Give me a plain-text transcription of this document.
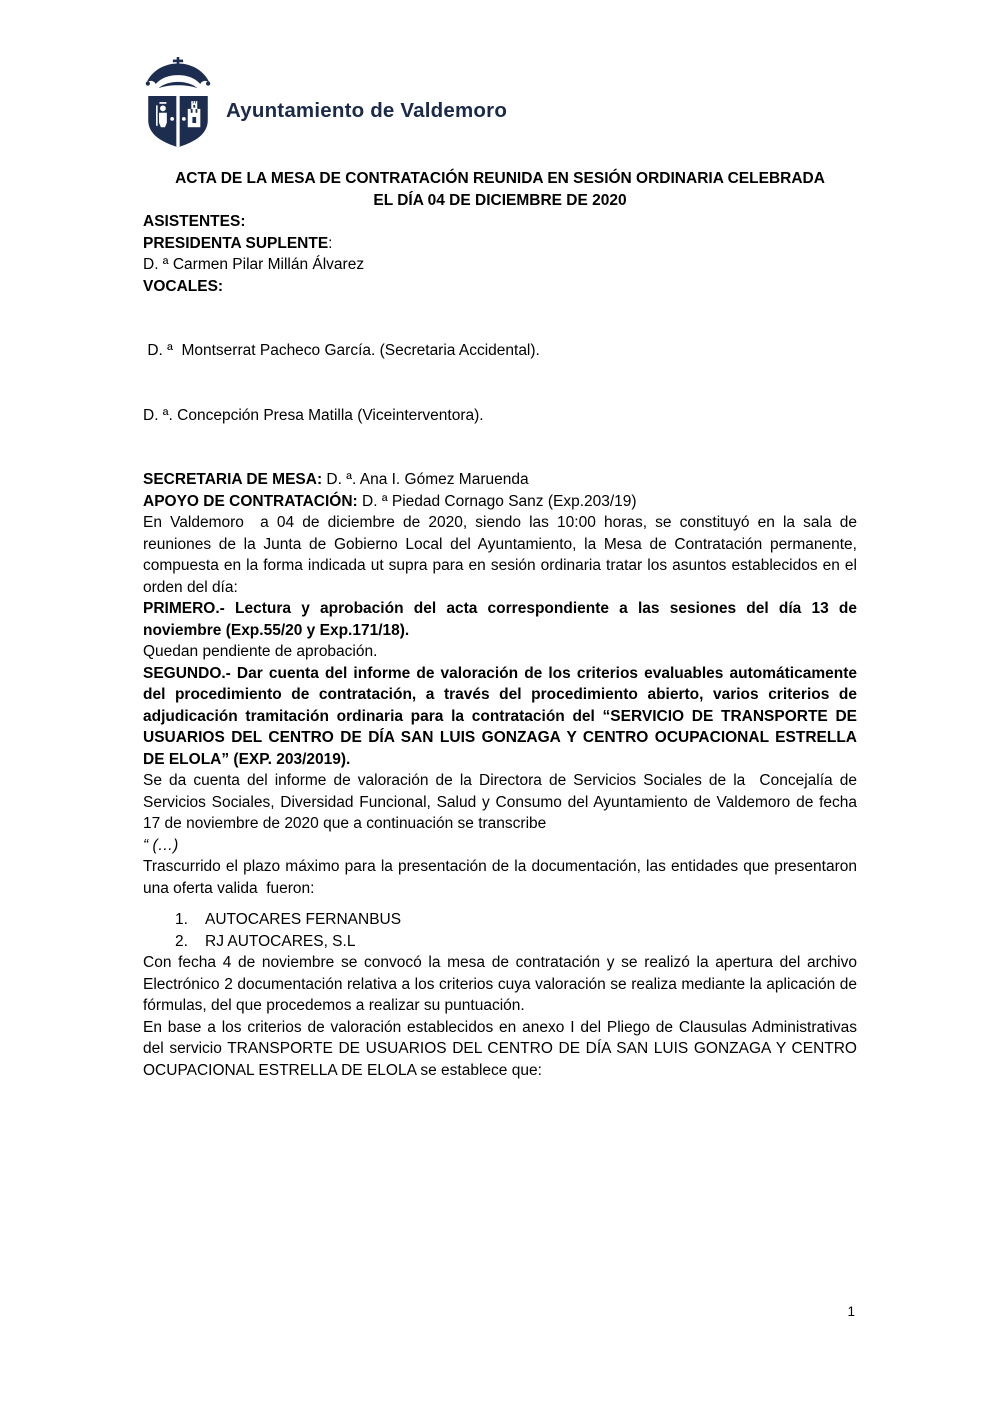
Ayuntamiento de Valdemoro
ACTA DE LA MESA DE CONTRATACIÓN REUNIDA EN SESIÓN ORDINARIA CELEBRADA
EL DÍA 04 DE DICIEMBRE DE 2020

ASISTENTES:

PRESIDENTA SUPLENTE:

D. ª Carmen Pilar Millán Álvarez

VOCALES:

D. ª  Montserrat Pacheco García. (Secretaria Accidental).

D. ª. Concepción Presa Matilla (Viceinterventora).

SECRETARIA DE MESA: D. ª. Ana I. Gómez Maruenda

APOYO DE CONTRATACIÓN: D. ª Piedad Cornago Sanz (Exp.203/19)

En Valdemoro  a 04 de diciembre de 2020, siendo las 10:00 horas, se constituyó en la sala de reuniones de la Junta de Gobierno Local del Ayuntamiento, la Mesa de Contratación permanente, compuesta en la forma indicada ut supra para en sesión ordinaria tratar los asuntos establecidos en el orden del día:

PRIMERO.- Lectura y aprobación del acta correspondiente a las sesiones del día 13 de noviembre (Exp.55/20 y Exp.171/18).

Quedan pendiente de aprobación.

SEGUNDO.- Dar cuenta del informe de valoración de los criterios evaluables automáticamente del procedimiento de contratación, a través del procedimiento abierto, varios criterios de adjudicación tramitación ordinaria para la contratación del “SERVICIO DE TRANSPORTE DE USUARIOS DEL CENTRO DE DÍA SAN LUIS GONZAGA Y CENTRO OCUPACIONAL ESTRELLA DE ELOLA” (EXP. 203/2019).

Se da cuenta del informe de valoración de la Directora de Servicios Sociales de la  Concejalía de Servicios Sociales, Diversidad Funcional, Salud y Consumo del Ayuntamiento de Valdemoro de fecha 17 de noviembre de 2020 que a continuación se transcribe

“ (…)

Trascurrido el plazo máximo para la presentación de la documentación, las entidades que presentaron una oferta valida  fueron:

1.	AUTOCARES FERNANBUS
2.	RJ AUTOCARES, S.L

Con fecha 4 de noviembre se convocó la mesa de contratación y se realizó la apertura del archivo Electrónico 2 documentación relativa a los criterios cuya valoración se realiza mediante la aplicación de fórmulas, del que procedemos a realizar su puntuación.

En base a los criterios de valoración establecidos en anexo I del Pliego de Clausulas Administrativas del servicio TRANSPORTE DE USUARIOS DEL CENTRO DE DÍA SAN LUIS GONZAGA Y CENTRO OCUPACIONAL ESTRELLA DE ELOLA se establece que:

1
